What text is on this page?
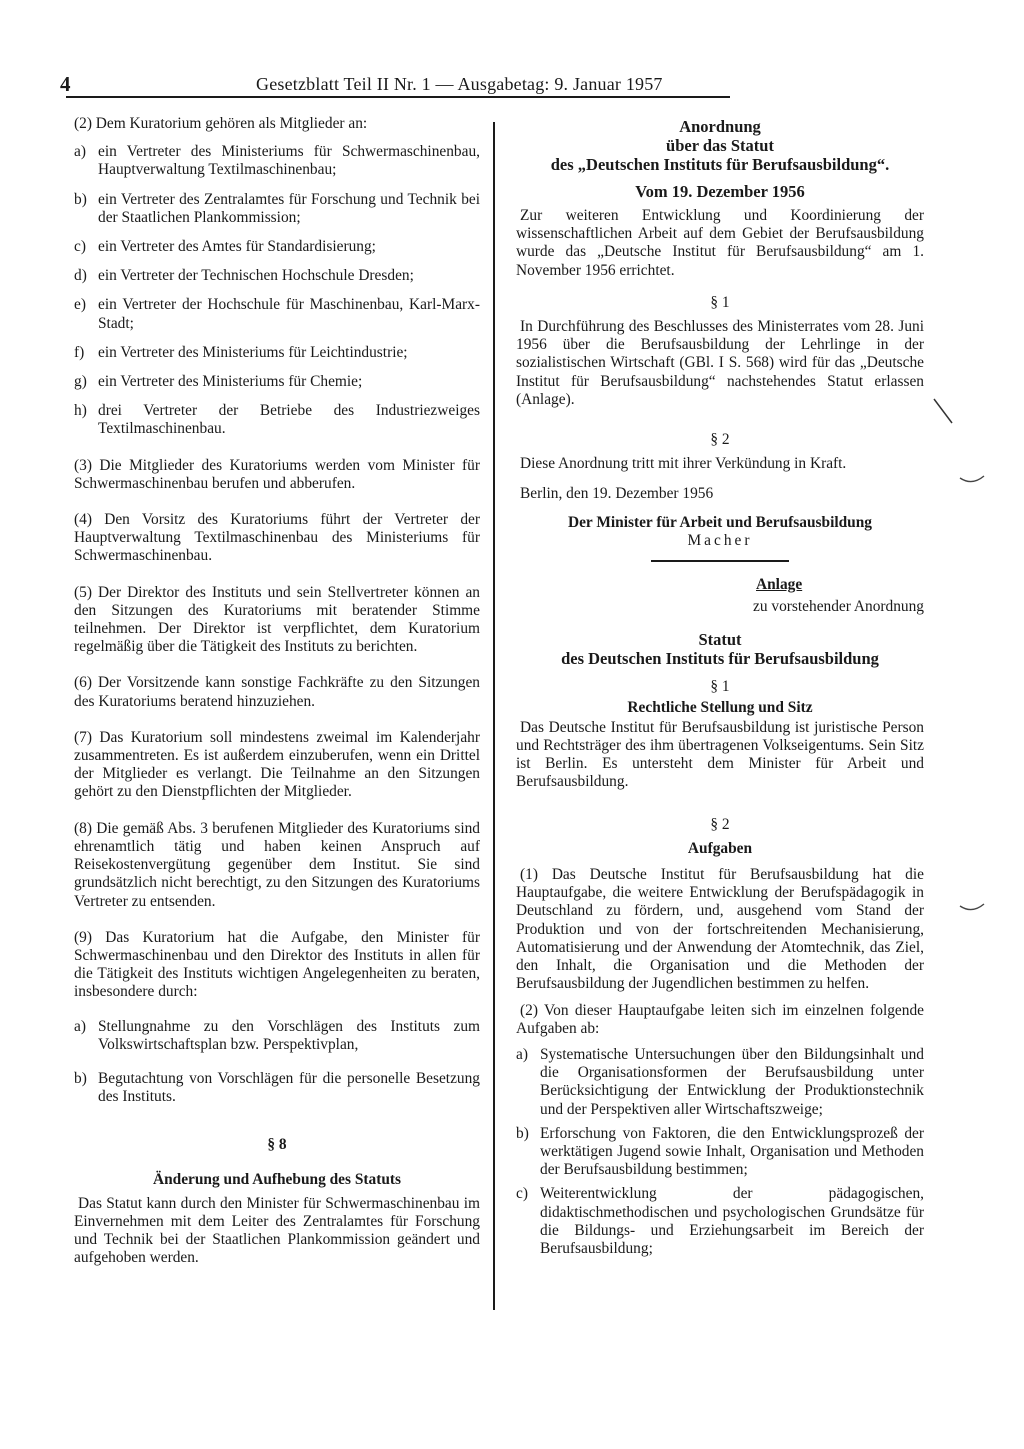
4	Gesetzblatt Teil II Nr. 1 — Ausgabetag: 9. Januar 1957

(2) Dem Kuratorium gehören als Mitglieder an:

a) ein Vertreter des Ministeriums für Schwermaschinenbau, Hauptverwaltung Textilmaschinenbau;
b) ein Vertreter des Zentralamtes für Forschung und Technik bei der Staatlichen Plankommission;
c) ein Vertreter des Amtes für Standardisierung;
d) ein Vertreter der Technischen Hochschule Dresden;
e) ein Vertreter der Hochschule für Maschinenbau, Karl-Marx-Stadt;
f) ein Vertreter des Ministeriums für Leichtindustrie;
g) ein Vertreter des Ministeriums für Chemie;
h) drei Vertreter der Betriebe des Industriezweiges Textilmaschinenbau.

(3) Die Mitglieder des Kuratoriums werden vom Minister für Schwermaschinenbau berufen und abberufen.

(4) Den Vorsitz des Kuratoriums führt der Vertreter der Hauptverwaltung Textilmaschinenbau des Ministeriums für Schwermaschinenbau.

(5) Der Direktor des Instituts und sein Stellvertreter können an den Sitzungen des Kuratoriums mit beratender Stimme teilnehmen. Der Direktor ist verpflichtet, dem Kuratorium regelmäßig über die Tätigkeit des Instituts zu berichten.

(6) Der Vorsitzende kann sonstige Fachkräfte zu den Sitzungen des Kuratoriums beratend hinzuziehen.

(7) Das Kuratorium soll mindestens zweimal im Kalenderjahr zusammentreten. Es ist außerdem einzuberufen, wenn ein Drittel der Mitglieder es verlangt. Die Teilnahme an den Sitzungen gehört zu den Dienstpflichten der Mitglieder.

(8) Die gemäß Abs. 3 berufenen Mitglieder des Kuratoriums sind ehrenamtlich tätig und haben keinen Anspruch auf Reisekostenvergütung gegenüber dem Institut. Sie sind grundsätzlich nicht berechtigt, zu den Sitzungen des Kuratoriums Vertreter zu entsenden.

(9) Das Kuratorium hat die Aufgabe, den Minister für Schwermaschinenbau und den Direktor des Instituts in allen für die Tätigkeit des Instituts wichtigen Angelegenheiten zu beraten, insbesondere durch:

a) Stellungnahme zu den Vorschlägen des Instituts zum Volkswirtschaftsplan bzw. Perspektivplan,
b) Begutachtung von Vorschlägen für die personelle Besetzung des Instituts.

§ 8

Änderung und Aufhebung des Statuts

Das Statut kann durch den Minister für Schwermaschinenbau im Einvernehmen mit dem Leiter des Zentralamtes für Forschung und Technik bei der Staatlichen Plankommission geändert und aufgehoben werden.

Anordnung
über das Statut
des „Deutschen Instituts für Berufsausbildung“.
Vom 19. Dezember 1956

Zur weiteren Entwicklung und Koordinierung der wissenschaftlichen Arbeit auf dem Gebiet der Berufsausbildung wurde das „Deutsche Institut für Berufsausbildung“ am 1. November 1956 errichtet.

§ 1

In Durchführung des Beschlusses des Ministerrates vom 28. Juni 1956 über die Berufsausbildung der Lehrlinge in der sozialistischen Wirtschaft (GBl. I S. 568) wird für das „Deutsche Institut für Berufsausbildung“ nachstehendes Statut erlassen (Anlage).

§ 2

Diese Anordnung tritt mit ihrer Verkündung in Kraft.

Berlin, den 19. Dezember 1956

Der Minister für Arbeit und Berufsausbildung

Macher

Anlage

zu vorstehender Anordnung

Statut
des Deutschen Instituts für Berufsausbildung

§ 1

Rechtliche Stellung und Sitz

Das Deutsche Institut für Berufsausbildung ist juristische Person und Rechtsträger des ihm übertragenen Volkseigentums. Sein Sitz ist Berlin. Es untersteht dem Minister für Arbeit und Berufsausbildung.

§ 2

Aufgaben

(1) Das Deutsche Institut für Berufsausbildung hat die Hauptaufgabe, die weitere Entwicklung der Berufspädagogik in Deutschland zu fördern, und, ausgehend vom Stand der Produktion und von der fortschreitenden Mechanisierung, Automatisierung und der Anwendung der Atomtechnik, das Ziel, den Inhalt, die Organisation und die Methoden der Berufsausbildung der Jugendlichen bestimmen zu helfen.

(2) Von dieser Hauptaufgabe leiten sich im einzelnen folgende Aufgaben ab:

a) Systematische Untersuchungen über den Bildungsinhalt und die Organisationsformen der Berufsausbildung unter Berücksichtigung der Entwicklung der Produktionstechnik und der Perspektiven aller Wirtschaftszweige;
b) Erforschung von Faktoren, die den Entwicklungsprozeß der werktätigen Jugend sowie Inhalt, Organisation und Methoden der Berufsausbildung bestimmen;
c) Weiterentwicklung der pädagogischen, didaktischmethodischen und psychologischen Grundsätze für die Bildungs- und Erziehungsarbeit im Bereich der Berufsausbildung;
